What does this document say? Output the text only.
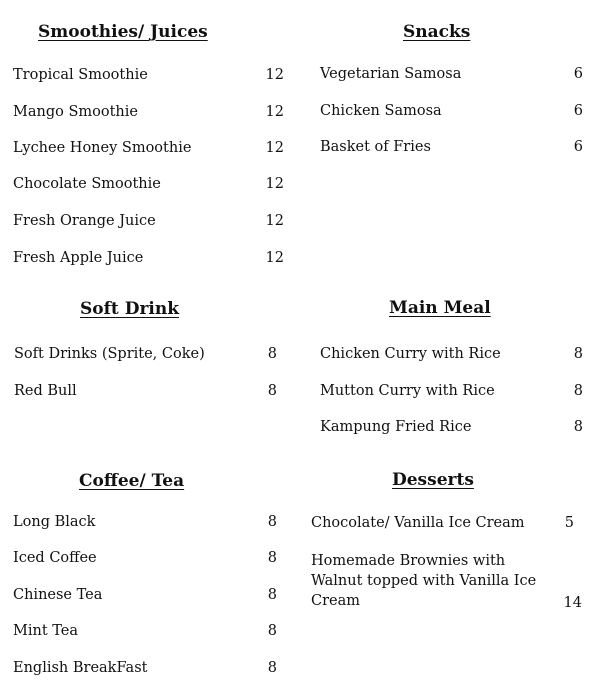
Smoothies/ Juices
Tropical Smoothie	12
Mango Smoothie	12
Lychee Honey Smoothie	12
Chocolate Smoothie	12
Fresh Orange Juice	12
Fresh Apple Juice	12
Snacks
Vegetarian Samosa	6
Chicken Samosa	6
Basket of Fries	6
Soft Drink
Soft Drinks (Sprite, Coke)	8
Red Bull	8
Main Meal
Chicken Curry with Rice	8
Mutton Curry with Rice	8
Kampung Fried Rice	8
Coffee/ Tea
Long Black	8
Iced Coffee	8
Chinese Tea	8
Mint Tea	8
English BreakFast	8
Desserts
Chocolate/ Vanilla Ice Cream	5
Homemade Brownies with Walnut topped with Vanilla Ice Cream	14
